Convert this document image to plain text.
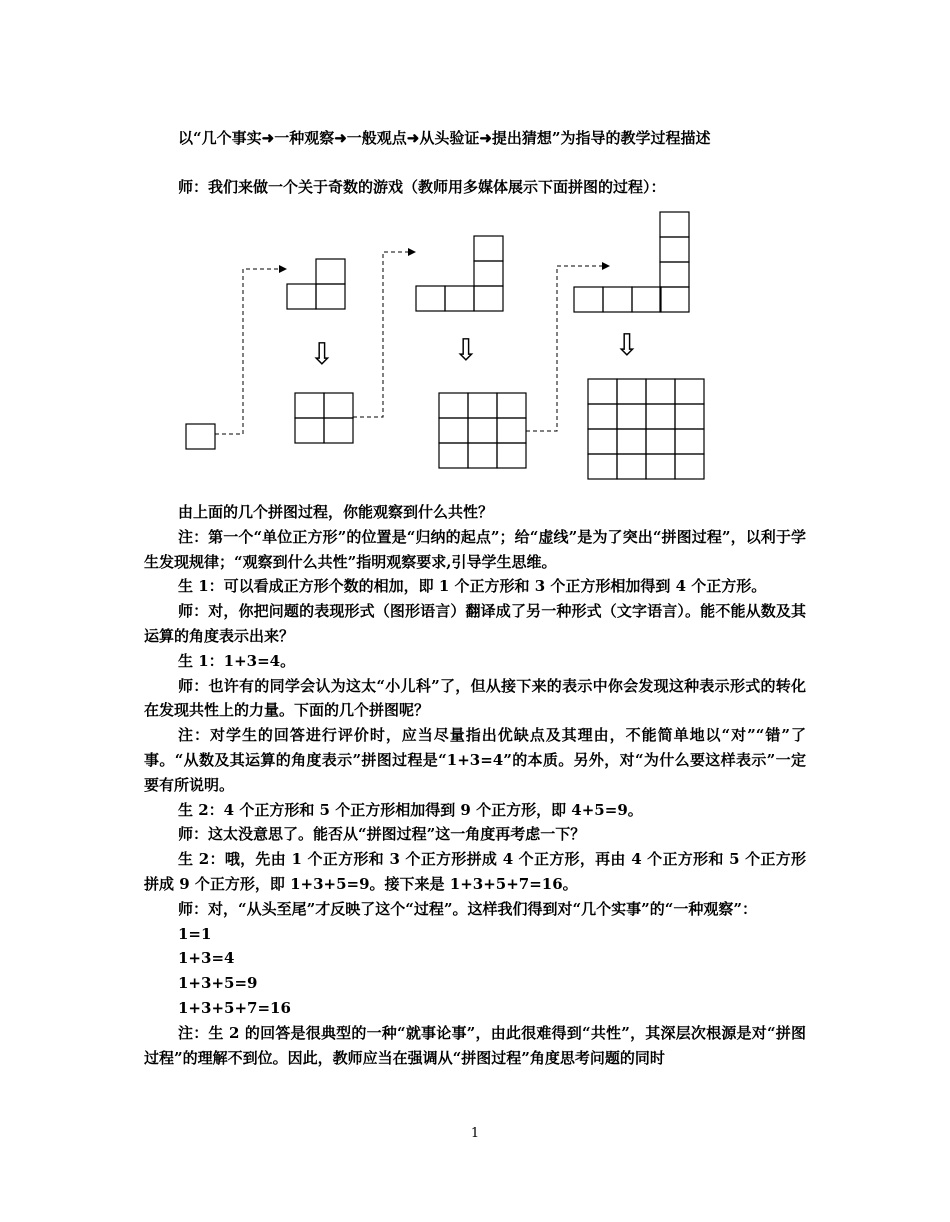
以“几个事实➜一种观察➜一般观点➜从头验证➜提出猜想”为指导的教学过程描述
师：我们来做一个关于奇数的游戏（教师用多媒体展示下面拼图的过程）：
⇩	⇩	⇩

由上面的几个拼图过程，你能观察到什么共性？

注：第一个“单位正方形”的位置是“归纳的起点”；给“虚线”是为了突出“拼图过程”，以利于学生发现规律；“观察到什么共性”指明观察要求,引导学生思维。

生 1：可以看成正方形个数的相加，即 1 个正方形和 3 个正方形相加得到 4 个正方形。

师：对，你把问题的表现形式（图形语言）翻译成了另一种形式（文字语言）。能不能从数及其运算的角度表示出来？

生 1：1+3=4。

师：也许有的同学会认为这太“小儿科”了，但从接下来的表示中你会发现这种表示形式的转化在发现共性上的力量。下面的几个拼图呢？

注：对学生的回答进行评价时，应当尽量指出优缺点及其理由，不能简单地以“对”“错”了事。“从数及其运算的角度表示”拼图过程是“1+3=4”的本质。另外，对“为什么要这样表示”一定要有所说明。

生 2：4 个正方形和 5 个正方形相加得到 9 个正方形，即 4+5=9。

师：这太没意思了。能否从“拼图过程”这一角度再考虑一下？

生 2：哦，先由 1 个正方形和 3 个正方形拼成 4 个正方形，再由 4 个正方形和 5 个正方形拼成 9 个正方形，即 1+3+5=9。接下来是 1+3+5+7=16。

师：对，“从头至尾”才反映了这个“过程”。这样我们得到对“几个实事”的“一种观察”：

1=1

1+3=4

1+3+5=9

1+3+5+7=16

注：生 2 的回答是很典型的一种“就事论事”，由此很难得到“共性”，其深层次根源是对“拼图过程”的理解不到位。因此，教师应当在强调从“拼图过程”角度思考问题的同时

1
